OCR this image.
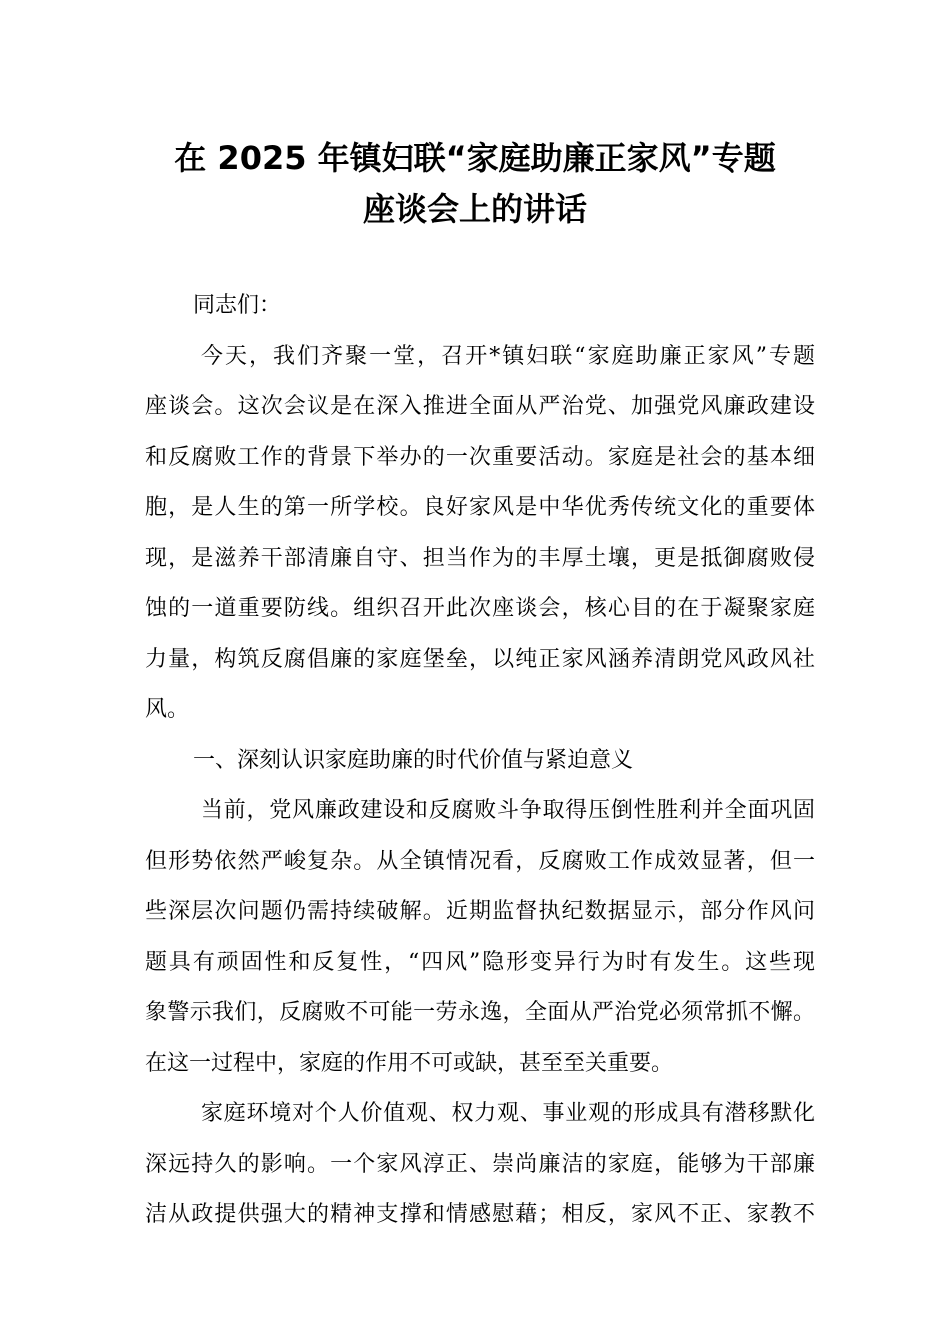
在 2025 年镇妇联“家庭助廉正家风”专题
座谈会上的讲话
同志们：
今天，我们齐聚一堂，召开*镇妇联“家庭助廉正家风”专题
座谈会。这次会议是在深入推进全面从严治党、加强党风廉政建设
和反腐败工作的背景下举办的一次重要活动。家庭是社会的基本细
胞，是人生的第一所学校。良好家风是中华优秀传统文化的重要体
现，是滋养干部清廉自守、担当作为的丰厚土壤，更是抵御腐败侵
蚀的一道重要防线。组织召开此次座谈会，核心目的在于凝聚家庭
力量，构筑反腐倡廉的家庭堡垒，以纯正家风涵养清朗党风政风社
风。
一、深刻认识家庭助廉的时代价值与紧迫意义
当前，党风廉政建设和反腐败斗争取得压倒性胜利并全面巩固
但形势依然严峻复杂。从全镇情况看，反腐败工作成效显著，但一
些深层次问题仍需持续破解。近期监督执纪数据显示，部分作风问
题具有顽固性和反复性，“四风”隐形变异行为时有发生。这些现
象警示我们，反腐败不可能一劳永逸，全面从严治党必须常抓不懈。
在这一过程中，家庭的作用不可或缺，甚至至关重要。
家庭环境对个人价值观、权力观、事业观的形成具有潜移默化
深远持久的影响。一个家风淳正、崇尚廉洁的家庭，能够为干部廉
洁从政提供强大的精神支撑和情感慰藉；相反，家风不正、家教不
